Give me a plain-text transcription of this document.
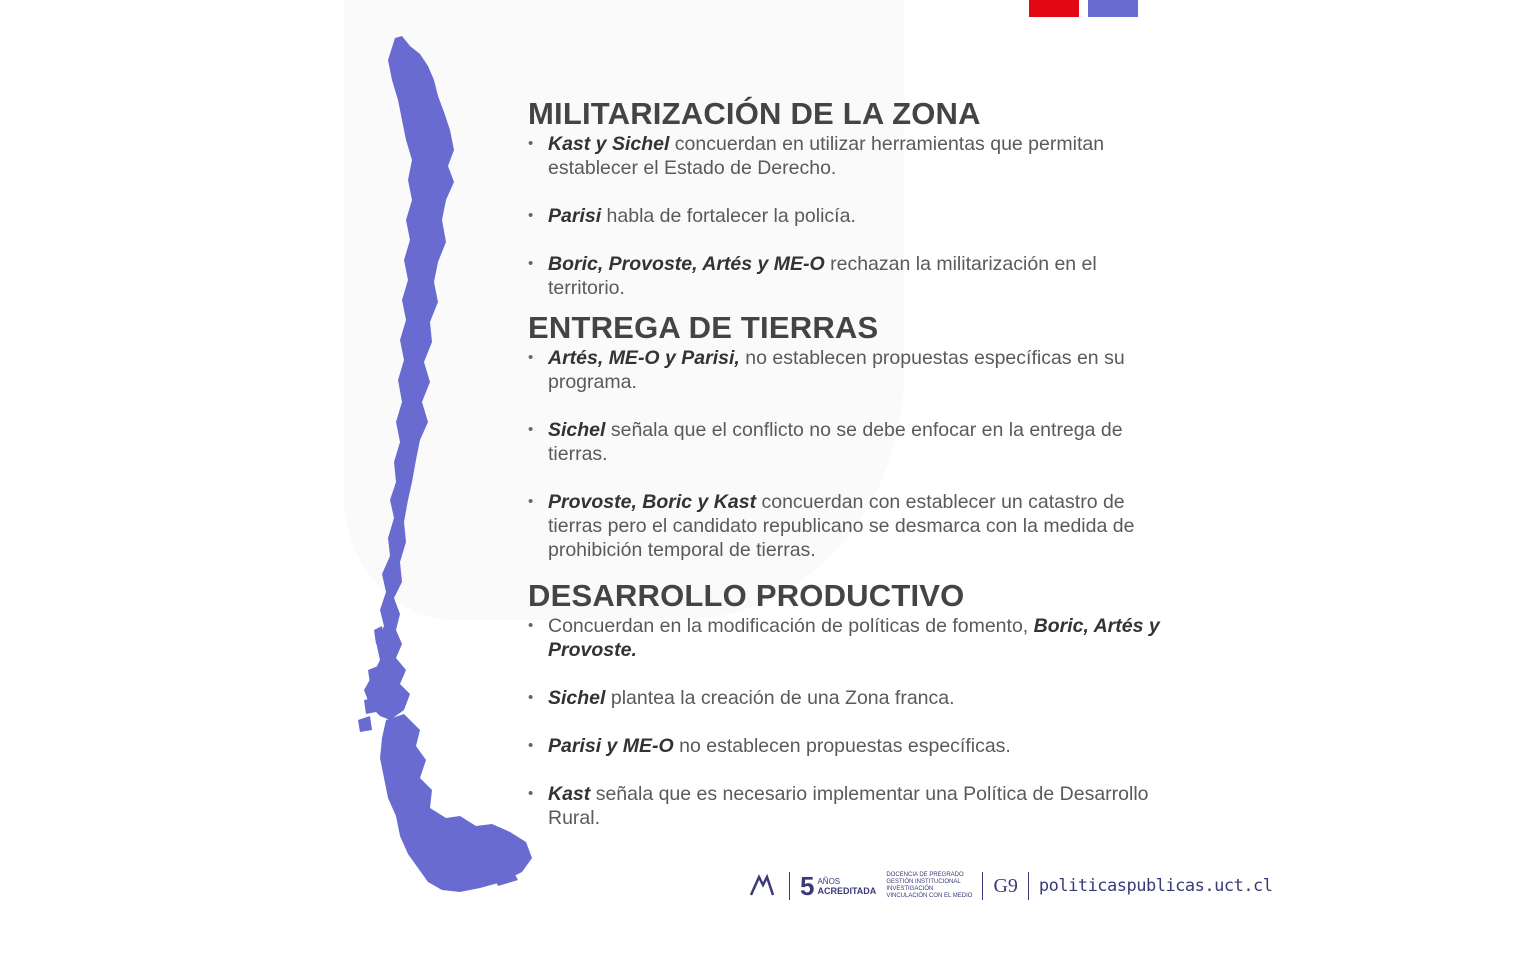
MILITARIZACIÓN DE LA ZONA
• Kast y Sichel concuerdan en utilizar herramientas que permitan establecer el Estado de Derecho.
• Parisi habla de fortalecer la policía.
• Boric, Provoste, Artés y ME-O rechazan la militarización en el territorio.
ENTREGA DE TIERRAS
• Artés, ME-O y Parisi, no establecen propuestas específicas en su programa.
• Sichel señala que el conflicto no se debe enfocar en la entrega de tierras.
• Provoste, Boric y Kast concuerdan con establecer un catastro de tierras pero el candidato republicano se desmarca con la medida de prohibición temporal de tierras.
DESARROLLO PRODUCTIVO
• Concuerdan en la modificación de políticas de fomento, Boric, Artés y Provoste.
• Sichel plantea la creación de una Zona franca.
• Parisi y ME-O no establecen propuestas específicas.
• Kast señala que es necesario implementar una Política de Desarrollo Rural.
5 AÑOS
ACREDITADA
DOCENCIA DE PREGRADO
GESTIÓN INSTITUCIONAL
INVESTIGACIÓN
VINCULACIÓN CON EL MEDIO G9 politicaspublicas.uct.cl
